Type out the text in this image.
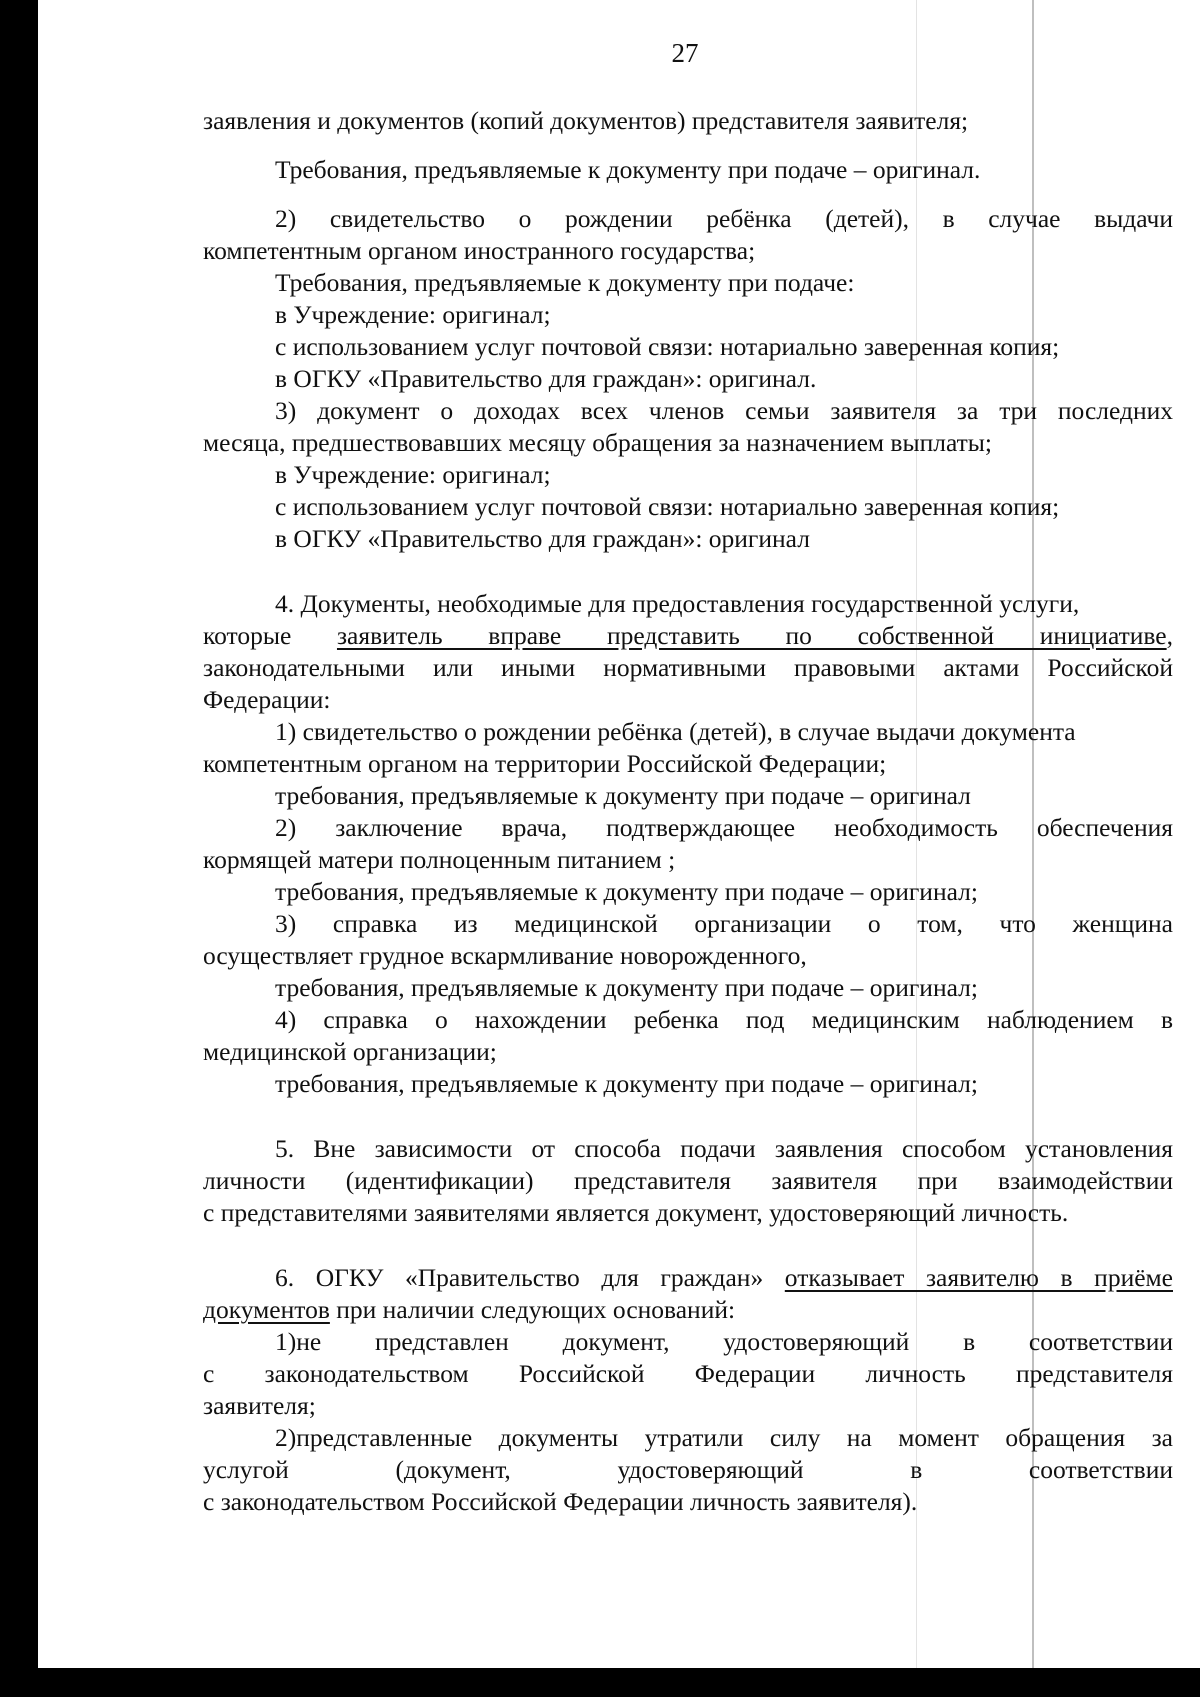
27
заявления и документов (копий документов) представителя заявителя;
Требования, предъявляемые к документу при подаче – оригинал.
2) свидетельство о рождении ребёнка (детей), в случае выдачи
компетентным органом иностранного государства;
Требования, предъявляемые к документу при подаче:
в Учреждение: оригинал;
с использованием услуг почтовой связи: нотариально заверенная копия;
в ОГКУ «Правительство для граждан»: оригинал.
3) документ о доходах всех членов семьи заявителя за три последних
месяца, предшествовавших месяцу обращения за назначением выплаты;
в Учреждение: оригинал;
с использованием услуг почтовой связи: нотариально заверенная копия;
в ОГКУ «Правительство для граждан»: оригинал
4. Документы, необходимые для предоставления государственной услуги,
которые заявитель вправе представить по собственной инициативе,
законодательными или иными нормативными правовыми актами Российской
Федерации:
1) свидетельство о рождении ребёнка (детей), в случае выдачи документа
компетентным органом на территории Российской Федерации;
требования, предъявляемые к документу при подаче – оригинал
2) заключение врача, подтверждающее необходимость обеспечения
кормящей матери полноценным питанием ;
требования, предъявляемые к документу при подаче – оригинал;
3) справка из медицинской организации о том, что женщина
осуществляет грудное вскармливание новорожденного,
требования, предъявляемые к документу при подаче – оригинал;
4) справка о нахождении ребенка под медицинским наблюдением в
медицинской организации;
требования, предъявляемые к документу при подаче – оригинал;
5. Вне зависимости от способа подачи заявления способом установления
личности (идентификации) представителя заявителя при взаимодействии
с представителями заявителями является документ, удостоверяющий личность.
6. ОГКУ «Правительство для граждан» отказывает заявителю в приёме
документов при наличии следующих оснований:
1)не представлен документ, удостоверяющий в соответствии
с законодательством Российской Федерации личность представителя
заявителя;
2)представленные документы утратили силу на момент обращения за
услугой (документ, удостоверяющий в соответствии
с законодательством Российской Федерации личность заявителя).
